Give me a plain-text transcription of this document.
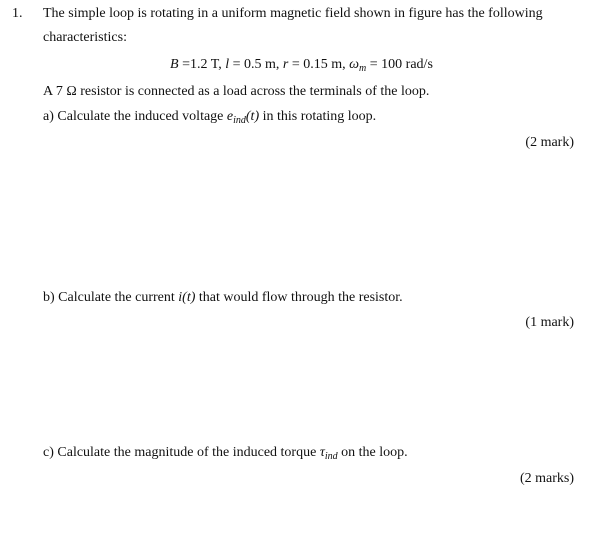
1. The simple loop is rotating in a uniform magnetic field shown in figure has the following
characteristics:
B =1.2 T, l = 0.5 m, r = 0.15 m, $\omega_m = 100$ rad/s
A 7 Ω resistor is connected as a load across the terminals of the loop.
a) Calculate the induced voltage $e_{ind}(t)$ in this rotating loop.
(2 mark)
b) Calculate the current i(t) that would flow through the resistor.
(1 mark)
c) Calculate the magnitude of the induced torque $\tau_{ind}$ on the loop.
(2 marks)
